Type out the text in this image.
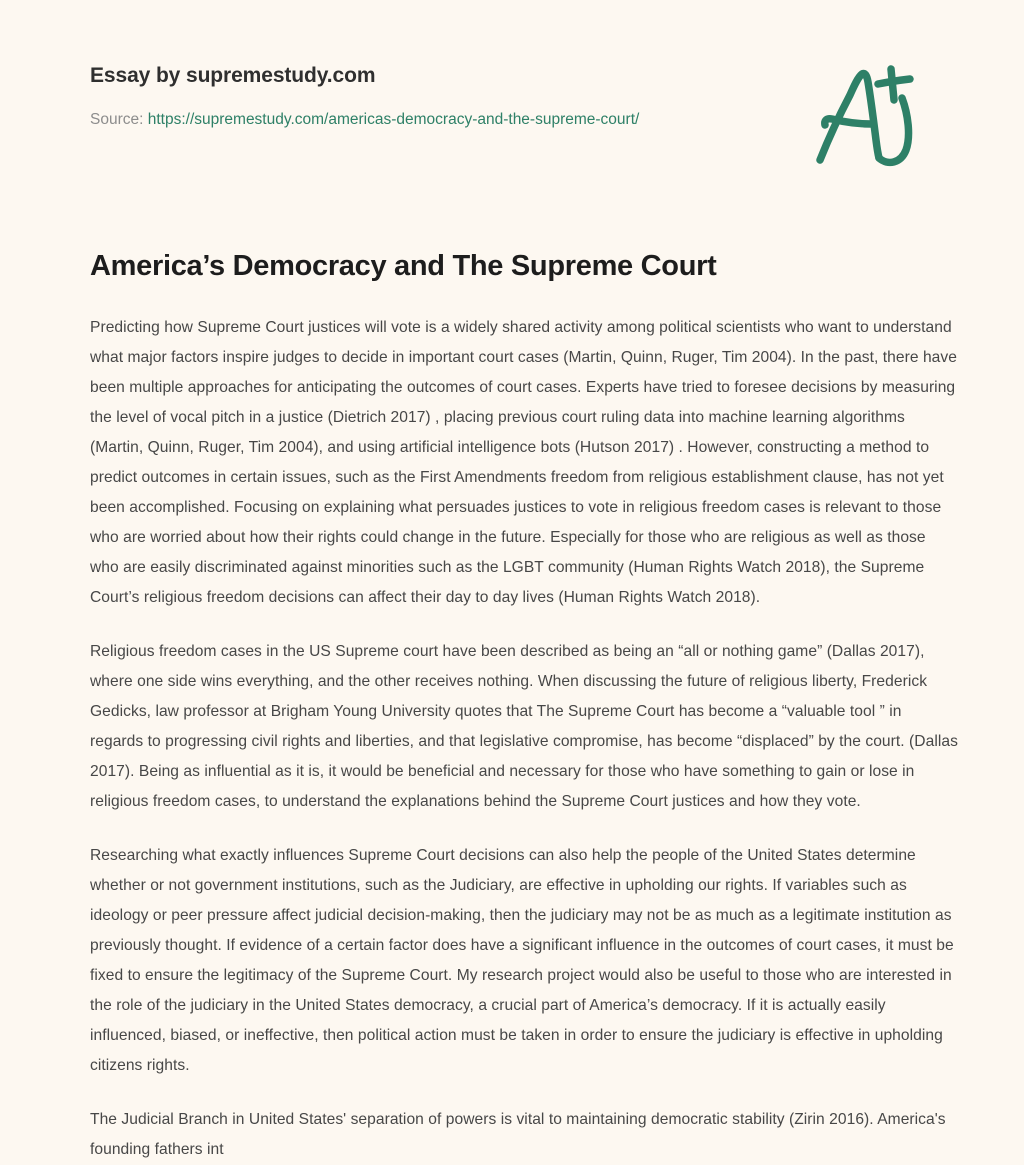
Essay by supremestudy.com
Source: https://supremestudy.com/americas-democracy-and-the-supreme-court/
America’s Democracy and The Supreme Court

Predicting how Supreme Court justices will vote is a widely shared activity among political scientists who want to understand what major factors inspire judges to decide in important court cases (Martin, Quinn, Ruger, Tim 2004). In the past, there have been multiple approaches for anticipating the outcomes of court cases. Experts have tried to foresee decisions by measuring the level of vocal pitch in a justice (Dietrich 2017) , placing previous court ruling data into machine learning algorithms (Martin, Quinn, Ruger, Tim 2004), and using artificial intelligence bots (Hutson 2017) . However, constructing a method to predict outcomes in certain issues, such as the First Amendments freedom from religious establishment clause, has not yet been accomplished. Focusing on explaining what persuades justices to vote in religious freedom cases is relevant to those who are worried about how their rights could change in the future. Especially for those who are religious as well as those who are easily discriminated against minorities such as the LGBT community (Human Rights Watch 2018), the Supreme Court’s religious freedom decisions can affect their day to day lives (Human Rights Watch 2018).

Religious freedom cases in the US Supreme court have been described as being an “all or nothing game” (Dallas 2017), where one side wins everything, and the other receives nothing. When discussing the future of religious liberty, Frederick Gedicks, law professor at Brigham Young University quotes that The Supreme Court has become a “valuable tool ” in regards to progressing civil rights and liberties, and that legislative compromise, has become “displaced” by the court. (Dallas 2017). Being as influential as it is, it would be beneficial and necessary for those who have something to gain or lose in religious freedom cases, to understand the explanations behind the Supreme Court justices and how they vote.

Researching what exactly influences Supreme Court decisions can also help the people of the United States determine whether or not government institutions, such as the Judiciary, are effective in upholding our rights. If variables such as ideology or peer pressure affect judicial decision-making, then the judiciary may not be as much as a legitimate institution as previously thought. If evidence of a certain factor does have a significant influence in the outcomes of court cases, it must be fixed to ensure the legitimacy of the Supreme Court. My research project would also be useful to those who are interested in the role of the judiciary in the United States democracy, a crucial part of America’s democracy. If it is actually easily influenced, biased, or ineffective, then political action must be taken in order to ensure the judiciary is effective in upholding citizens rights.

The Judicial Branch in United States' separation of powers is vital to maintaining democratic stability (Zirin 2016). America's founding fathers int
